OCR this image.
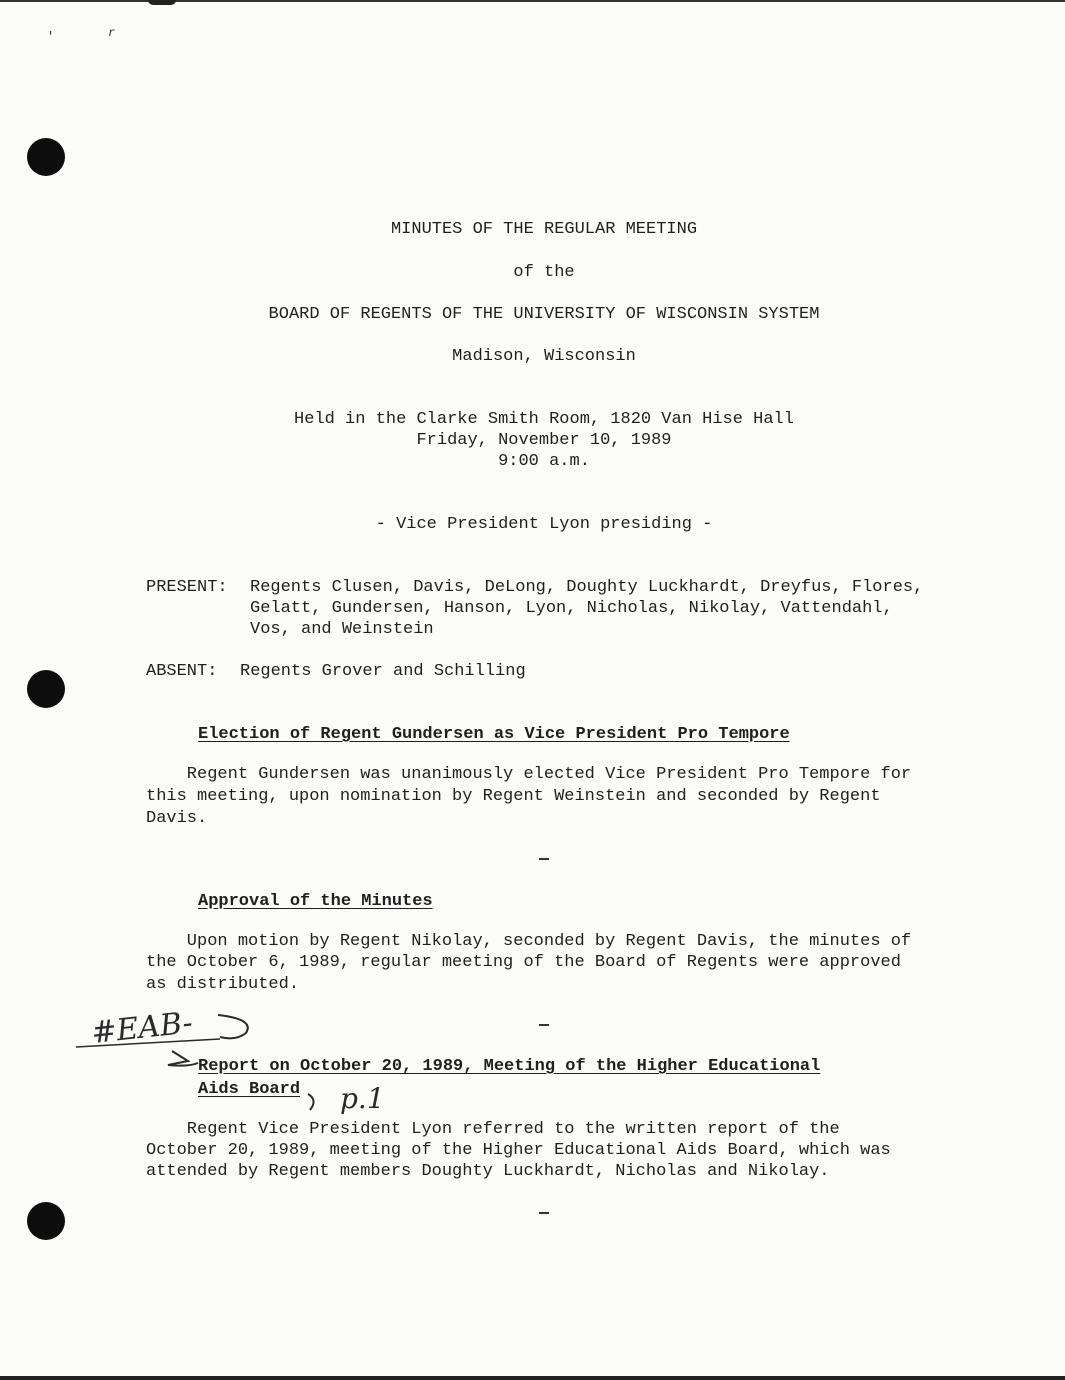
'	r
MINUTES OF THE REGULAR MEETING
of the
BOARD OF REGENTS OF THE UNIVERSITY OF WISCONSIN SYSTEM
Madison, Wisconsin
Held in the Clarke Smith Room, 1820 Van Hise Hall
Friday, November 10, 1989
9:00 a.m.
- Vice President Lyon presiding -
PRESENT: Regents Clusen, Davis, DeLong, Doughty Luckhardt, Dreyfus, Flores,
Gelatt, Gundersen, Hanson, Lyon, Nicholas, Nikolay, Vattendahl,
Vos, and Weinstein
ABSENT: Regents Grover and Schilling
Election of Regent Gundersen as Vice President Pro Tempore
Regent Gundersen was unanimously elected Vice President Pro Tempore for
this meeting, upon nomination by Regent Weinstein and seconded by Regent
Davis.
Approval of the Minutes
Upon motion by Regent Nikolay, seconded by Regent Davis, the minutes of
the October 6, 1989, regular meeting of the Board of Regents were approved
as distributed.
#EAB-
Report on October 20, 1989, Meeting of the Higher Educational
Aids Board p.1
Regent Vice President Lyon referred to the written report of the
October 20, 1989, meeting of the Higher Educational Aids Board, which was
attended by Regent members Doughty Luckhardt, Nicholas and Nikolay.
